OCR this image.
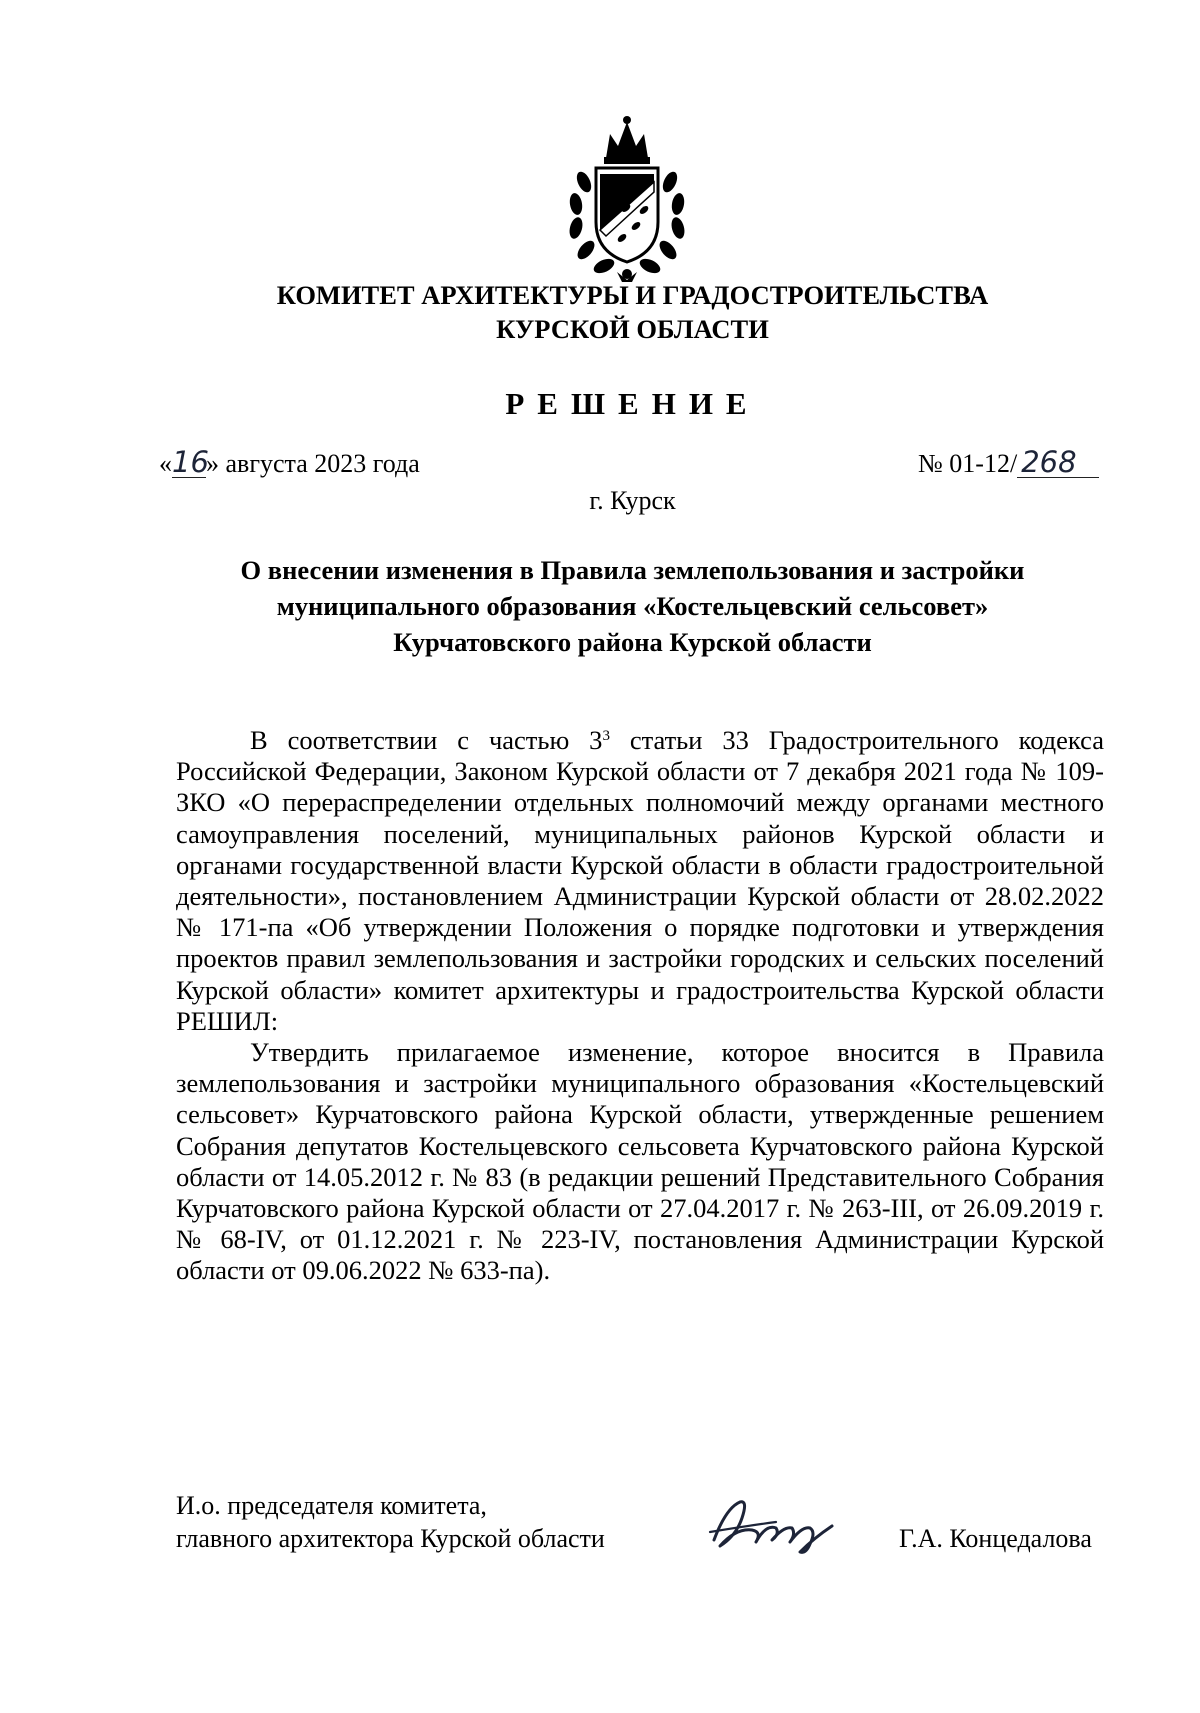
КОМИТЕТ АРХИТЕКТУРЫ И ГРАДОСТРОИТЕЛЬСТВА
КУРСКОЙ ОБЛАСТИ
РЕШЕНИЕ
«16» августа 2023 года	№ 01-12/ 268
г. Курск
О внесении изменения в Правила землепользования и застройки
муниципального образования «Костельцевский сельсовет»
Курчатовского района Курской области

В соответствии с частью $3^3$ статьи 33 Градостроительного кодекса Российской Федерации, Законом Курской области от 7 декабря 2021 года № 109-ЗКО «О перераспределении отдельных полномочий между органами местного самоуправления поселений, муниципальных районов Курской области и органами государственной власти Курской области в области градостроительной деятельности», постановлением Администрации Курской области от 28.02.2022 № 171-па «Об утверждении Положения о порядке подготовки и утверждения проектов правил землепользования и застройки городских и сельских поселений Курской области» комитет архитектуры и градостроительства Курской области РЕШИЛ:

Утвердить прилагаемое изменение, которое вносится в Правила землепользования и застройки муниципального образования «Костельцевский сельсовет» Курчатовского района Курской области, утвержденные решением Собрания депутатов Костельцевского сельсовета Курчатовского района Курской области от 14.05.2012 г. № 83 (в редакции решений Представительного Собрания Курчатовского района Курской области от 27.04.2017 г. № 263-III, от 26.09.2019 г. № 68-IV, от 01.12.2021 г. № 223-IV, постановления Администрации Курской области от 09.06.2022 № 633-па).

И.о. председателя комитета,
главного архитектора Курской области	Г.А. Концедалова
